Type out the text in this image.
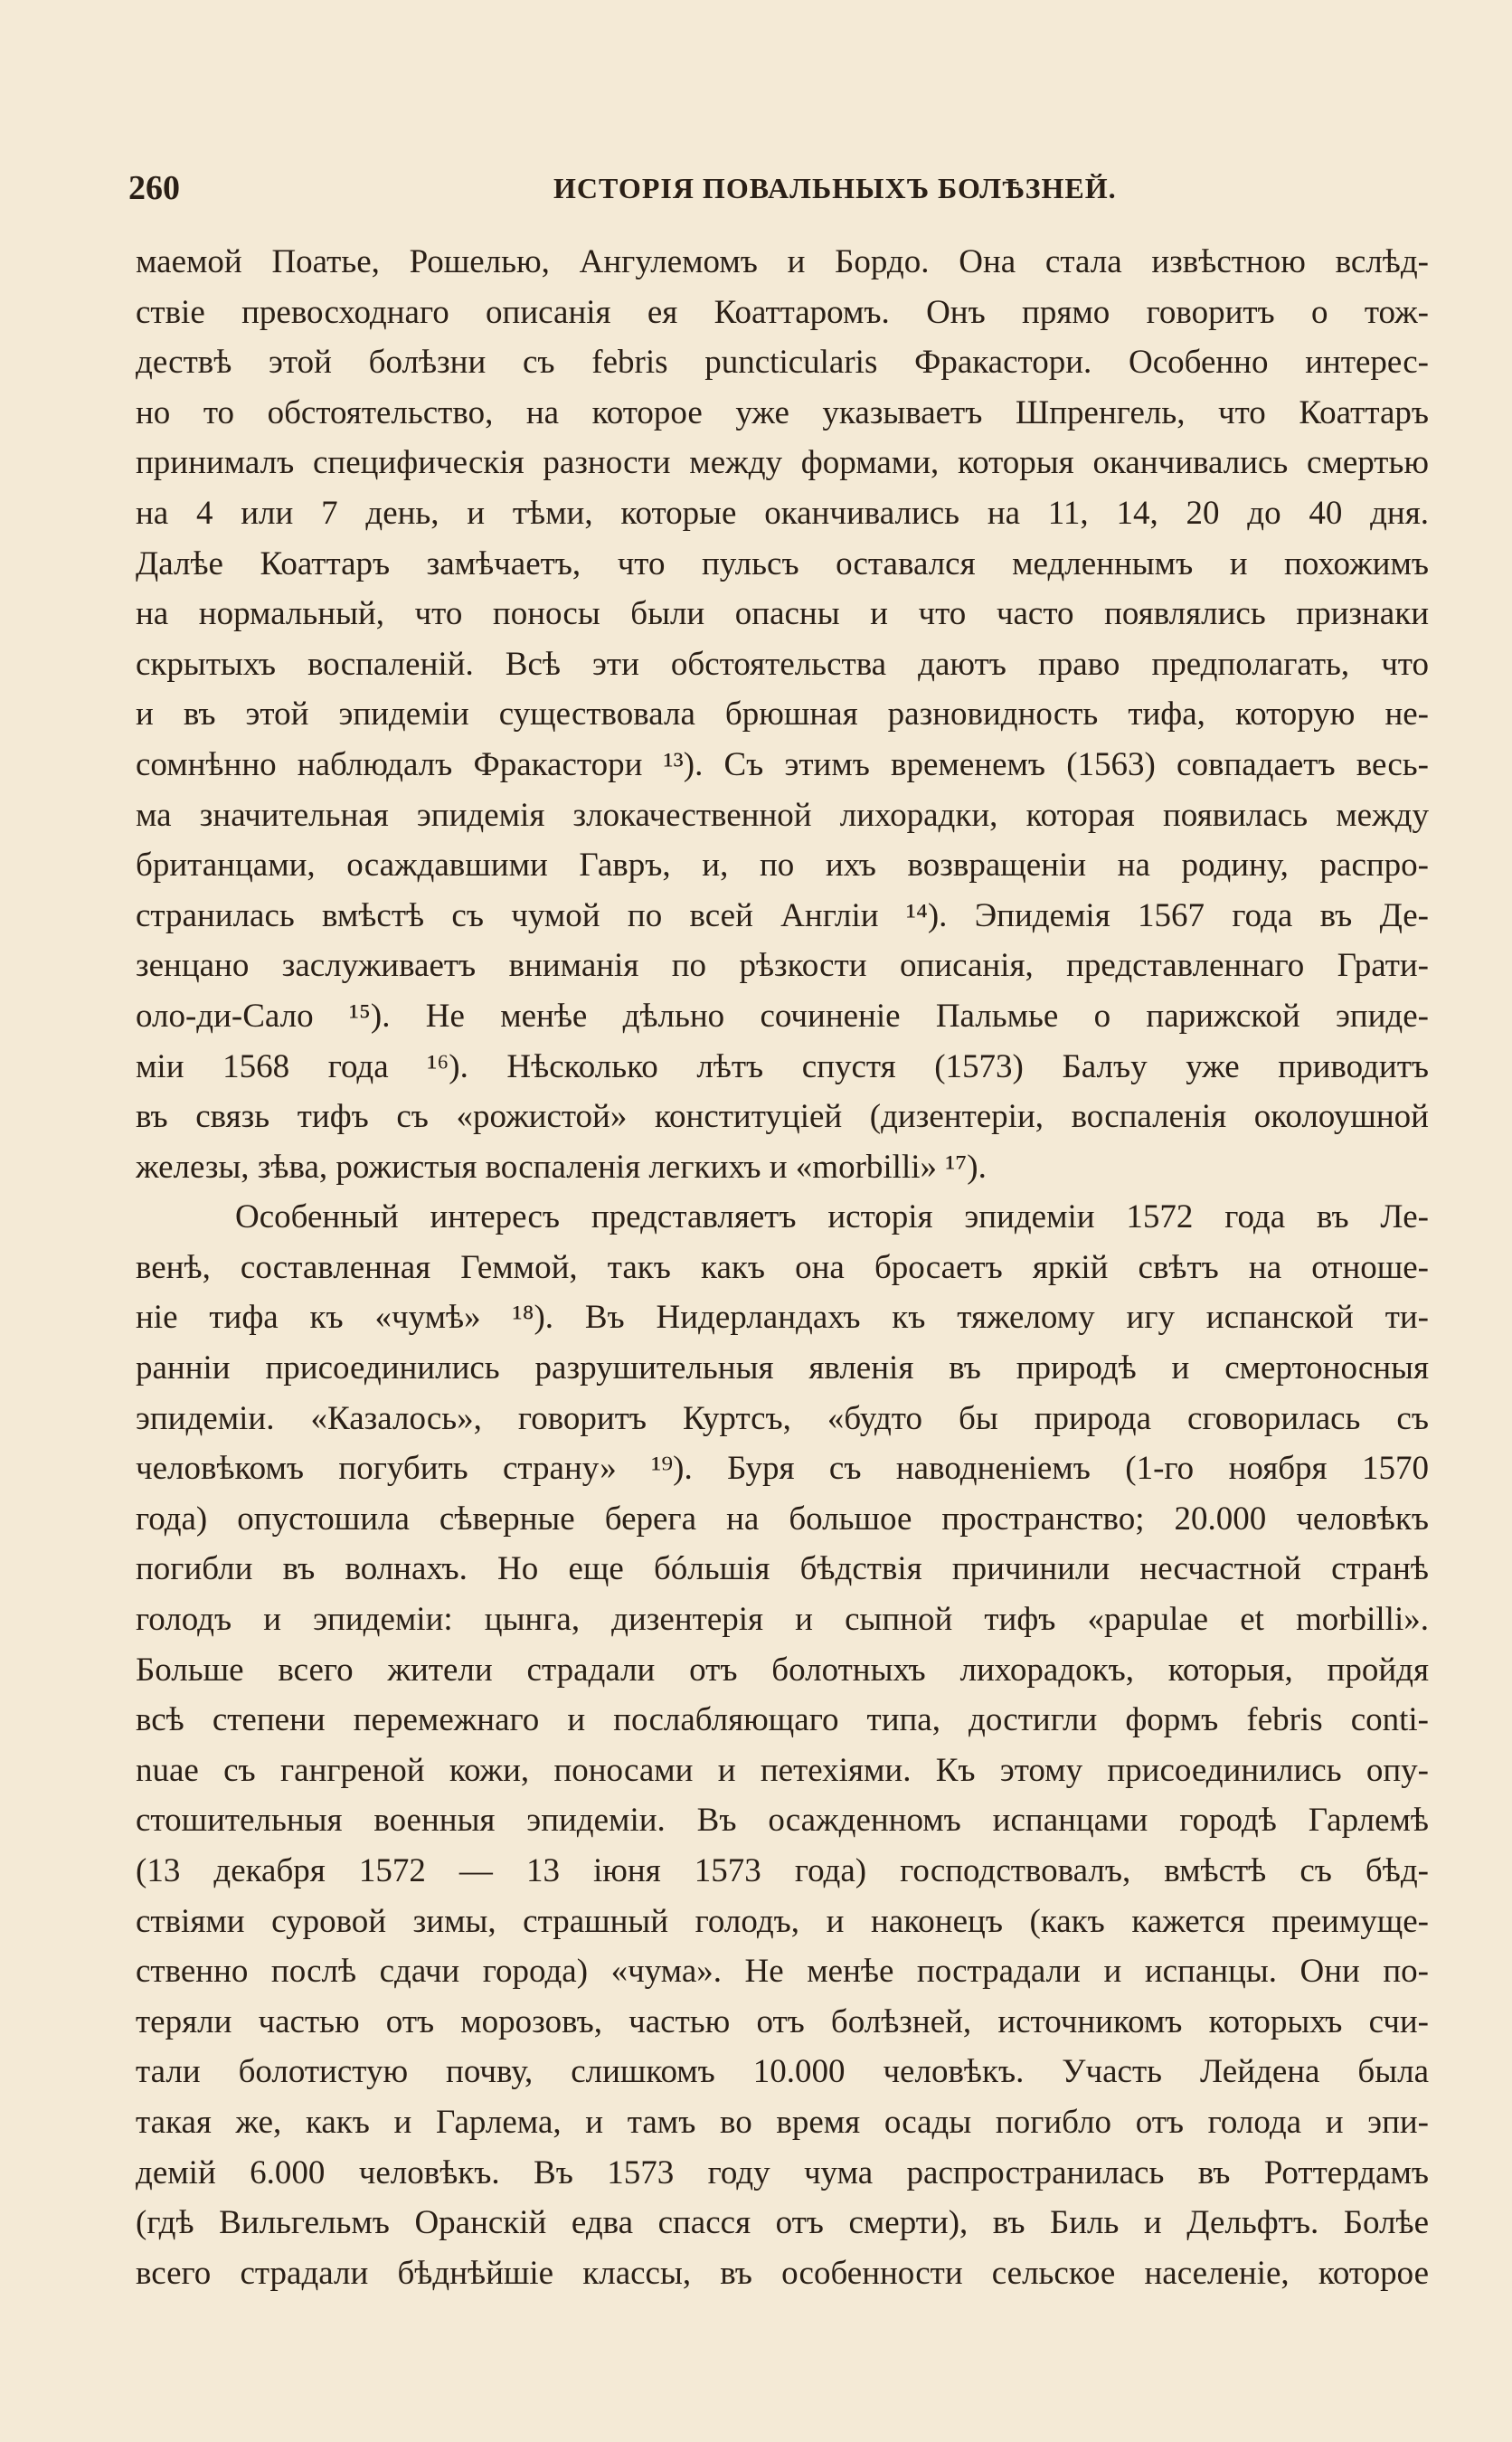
260	ИСТОРІЯ ПОВАЛЬНЫХЪ БОЛѢЗНЕЙ.
маемой Поатье, Рошелью, Ангулемомъ и Бордо. Она стала извѣстною вслѣд-
ствіе превосходнаго описанія ея Коаттаромъ. Онъ прямо говоритъ о тож-
дествѣ этой болѣзни съ febris puncticularis Фракастори. Особенно интерес-
но то обстоятельство, на которое уже указываетъ Шпренгель, что Коаттаръ
принималъ специфическія разности между формами, которыя оканчивались смертью
на 4 или 7 день, и тѣми, которые оканчивались на 11, 14, 20 до 40 дня.
Далѣе Коаттаръ замѣчаетъ, что пульсъ оставался медленнымъ и похожимъ
на нормальный, что поносы были опасны и что часто появлялись признаки
скрытыхъ воспаленій. Всѣ эти обстоятельства даютъ право предполагать, что
и въ этой эпидеміи существовала брюшная разновидность тифа, которую не-
сомнѣнно наблюдалъ Фракастори ¹³). Съ этимъ временемъ (1563) совпадаетъ весь-
ма значительная эпидемія злокачественной лихорадки, которая появилась между
британцами, осаждавшими Гавръ, и, по ихъ возвращеніи на родину, распро-
странилась вмѣстѣ съ чумой по всей Англіи ¹⁴). Эпидемія 1567 года въ Де-
зенцано заслуживаетъ вниманія по рѣзкости описанія, представленнаго Грати-
оло-ди-Сало ¹⁵). Не менѣе дѣльно сочиненіе Пальмье о парижской эпиде-
міи 1568 года ¹⁶). Нѣсколько лѣтъ спустя (1573) Балъу уже приводитъ
въ связь тифъ съ «рожистой» конституціей (дизентеріи, воспаленія околоушной
железы, зѣва, рожистыя воспаленія легкихъ и «morbilli» ¹⁷).
Особенный интересъ представляетъ исторія эпидеміи 1572 года въ Ле-
венѣ, составленная Геммой, такъ какъ она бросаетъ яркій свѣтъ на отноше-
ніе тифа къ «чумѣ» ¹⁸). Въ Нидерландахъ къ тяжелому игу испанской ти-
ранніи присоединились разрушительныя явленія въ природѣ и смертоносныя
эпидеміи. «Казалось», говоритъ Куртсъ, «будто бы природа сговорилась съ
человѣкомъ погубить страну» ¹⁹). Буря съ наводненіемъ (1-го ноября 1570
года) опустошила сѣверные берега на большое пространство; 20.000 человѣкъ
погибли въ волнахъ. Но еще бóльшія бѣдствія причинили несчастной странѣ
голодъ и эпидеміи: цынга, дизентерія и сыпной тифъ «papulae et morbilli».
Больше всего жители страдали отъ болотныхъ лихорадокъ, которыя, пройдя
всѣ степени перемежнаго и послабляющаго типа, достигли формъ febris conti-
nuae съ гангреной кожи, поносами и петехіями. Къ этому присоединились опу-
стошительныя военныя эпидеміи. Въ осажденномъ испанцами городѣ Гарлемѣ
(13 декабря 1572 — 13 іюня 1573 года) господствовалъ, вмѣстѣ съ бѣд-
ствіями суровой зимы, страшный голодъ, и наконецъ (какъ кажется преимуще-
ственно послѣ сдачи города) «чума». Не менѣе пострадали и испанцы. Они по-
теряли частью отъ морозовъ, частью отъ болѣзней, источникомъ которыхъ счи-
тали болотистую почву, слишкомъ 10.000 человѣкъ. Участь Лейдена была
такая же, какъ и Гарлема, и тамъ во время осады погибло отъ голода и эпи-
демій 6.000 человѣкъ. Въ 1573 году чума распространилась въ Роттердамъ
(гдѣ Вильгельмъ Оранскій едва спасся отъ смерти), въ Биль и Дельфтъ. Болѣе
всего страдали бѣднѣйшіе классы, въ особенности сельское населеніе, которое
